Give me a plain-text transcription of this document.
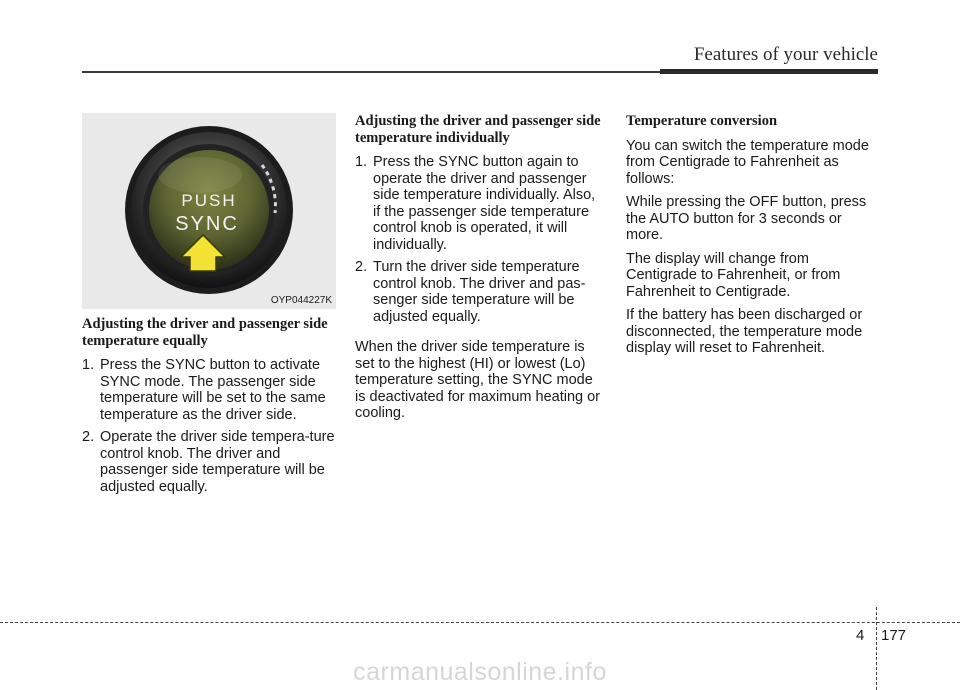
Features of your vehicle
PUSH
SYNC
OYP044227K
Adjusting the driver and passenger side temperature equally
1. Press the SYNC button to activate SYNC mode. The passenger side temperature will be set to the same temperature as the driver side.
2. Operate the driver side tempera-ture control knob. The driver and passenger side temperature will be adjusted equally.
Adjusting the driver and passenger side temperature individually
1. Press the SYNC button again to operate the driver and passenger side temperature individually. Also, if the passenger side temperature control knob is operated, it will individually.
2. Turn the driver side temperature control knob. The driver and pas-senger side temperature will be adjusted equally.

When the driver side temperature is set to the highest (HI) or lowest (Lo) temperature setting, the SYNC mode is deactivated for maximum heating or cooling.

Temperature conversion

You can switch the temperature mode from Centigrade to Fahrenheit as follows:

While pressing the OFF button, press the AUTO button for 3 seconds or more.

The display will change from Centigrade to Fahrenheit, or from Fahrenheit to Centigrade.

If the battery has been discharged or disconnected, the temperature mode display will reset to Fahrenheit.

4 177
carmanualsonline.info
